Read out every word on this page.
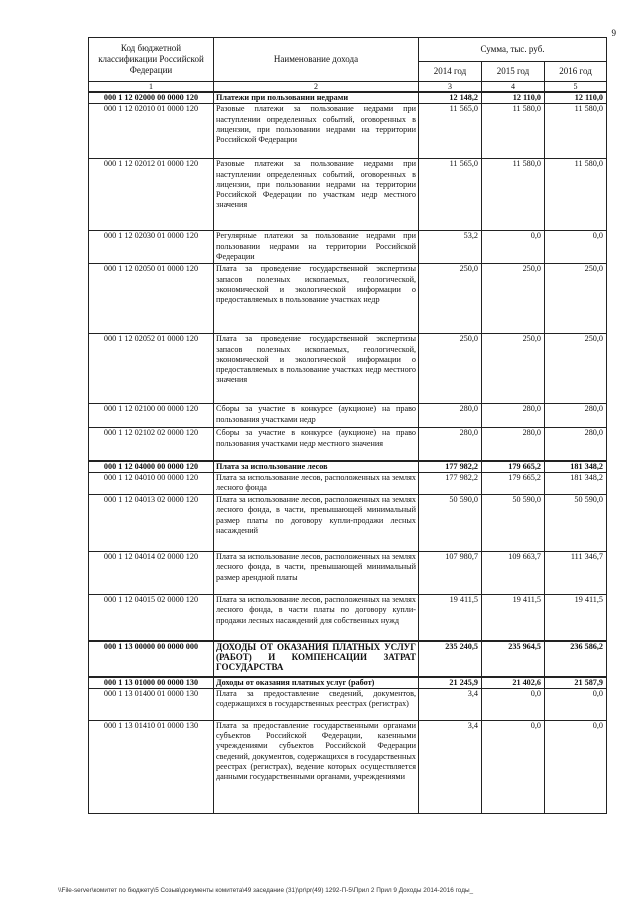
9
Код бюджетной классификации Российской Федерации	Наименование дохода	Сумма, тыс. руб.		
		2014 год	2015 год	2016 год
1	2	3	4	5
000 1 12 02000 00 0000 120	Платежи при пользовании недрами	12 148,2	12 110,0	12 110,0
000 1 12 02010 01 0000 120	Разовые платежи за пользование недрами при наступлении определенных событий, оговоренных в лицензии, при пользовании недрами на территории Российской Федерации	11 565,0	11 580,0	11 580,0
000 1 12 02012 01 0000 120	Разовые платежи за пользование недрами при наступлении определенных событий, оговоренных в лицензии, при пользовании недрами на территории Российской Федерации по участкам недр местного значения	11 565,0	11 580,0	11 580,0
000 1 12 02030 01 0000 120	Регулярные платежи за пользование недрами при пользовании недрами на территории Российской Федерации	53,2	0,0	0,0
000 1 12 02050 01 0000 120	Плата за проведение государственной экспертизы запасов полезных ископаемых, геологической, экономической и экологической информации о предоставляемых в пользование участках недр	250,0	250,0	250,0
000 1 12 02052 01 0000 120	Плата за проведение государственной экспертизы запасов полезных ископаемых, геологической, экономической и экологической информации о предоставляемых в пользование участках недр местного значения	250,0	250,0	250,0
000 1 12 02100 00 0000 120	Сборы за участие в конкурсе (аукционе) на право пользования участками недр	280,0	280,0	280,0
000 1 12 02102 02 0000 120	Сборы за участие в конкурсе (аукционе) на право пользования участками недр местного значения	280,0	280,0	280,0
000 1 12 04000 00 0000 120	Плата за использование лесов	177 982,2	179 665,2	181 348,2
000 1 12 04010 00 0000 120	Плата за использование лесов, расположенных на землях лесного фонда	177 982,2	179 665,2	181 348,2
000 1 12 04013 02 0000 120	Плата за использование лесов, расположенных на землях лесного фонда, в части, превышающей минимальный размер платы по договору купли-продажи лесных насаждений	50 590,0	50 590,0	50 590,0
000 1 12 04014 02 0000 120	Плата за использование лесов, расположенных на землях лесного фонда, в части, превышающей минимальный размер арендной платы	107 980,7	109 663,7	111 346,7
000 1 12 04015 02 0000 120	Плата за использование лесов, расположенных на землях лесного фонда, в части платы по договору купли-продажи лесных насаждений для собственных нужд	19 411,5	19 411,5	19 411,5
000 1 13 00000 00 0000 000	ДОХОДЫ ОТ ОКАЗАНИЯ ПЛАТНЫХ УСЛУГ (РАБОТ) И КОМПЕНСАЦИИ ЗАТРАТ ГОСУДАРСТВА	235 240,5	235 964,5	236 586,2
000 1 13 01000 00 0000 130	Доходы от оказания платных услуг (работ)	21 245,9	21 402,6	21 587,9
000 1 13 01400 01 0000 130	Плата за предоставление сведений, документов, содержащихся в государственных реестрах (регистрах)	3,4	0,0	0,0
000 1 13 01410 01 0000 130	Плата за предоставление государственными органами субъектов Российской Федерации, казенными учреждениями субъектов Российской Федерации сведений, документов, содержащихся в государственных реестрах (регистрах), ведение которых осуществляется данными государственными органами, учреждениями	3,4	0,0	0,0
\\File-server\комитет по бюджету\5 Созыв\документы комитета\49 заседание (31)\pr\pr(49) 1292-П-5\Прил 2 Прил 9 Доходы 2014-2016 годы_
